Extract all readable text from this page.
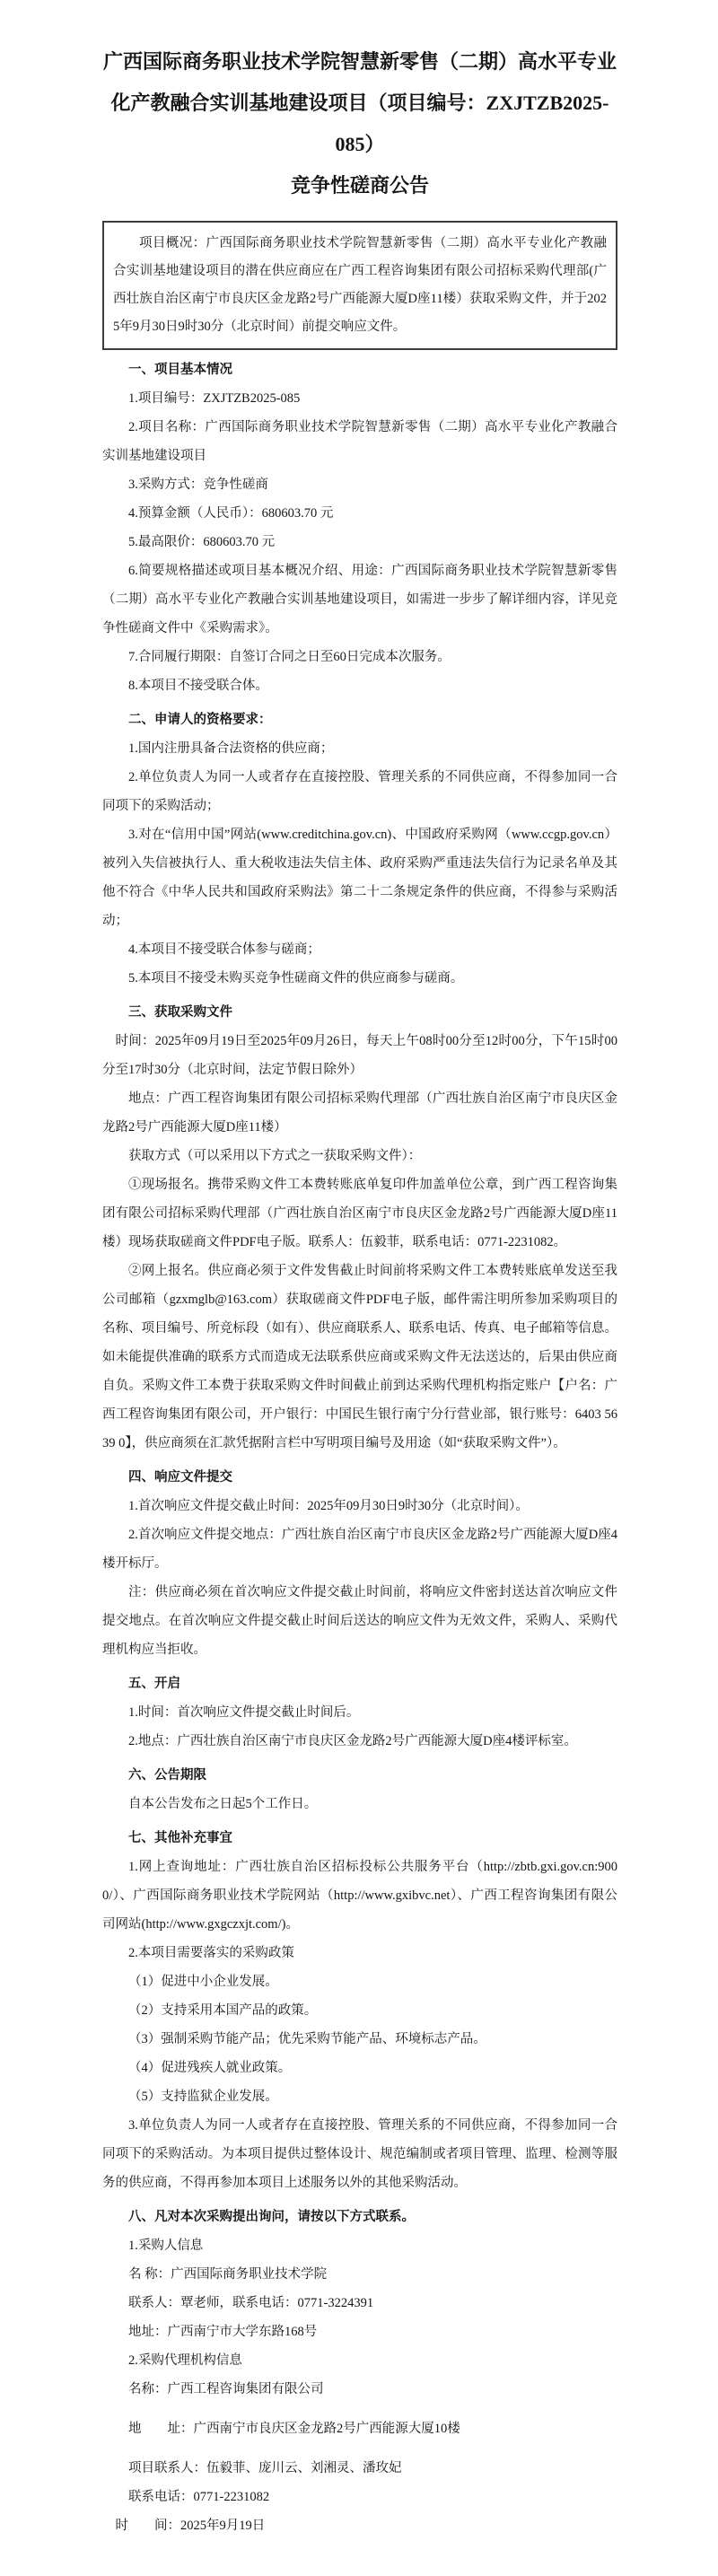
广西国际商务职业技术学院智慧新零售（二期）高水平专业
化产教融合实训基地建设项目（项目编号：ZXJTZB2025-085）
竞争性磋商公告
项目概况：广西国际商务职业技术学院智慧新零售（二期）高水平专业化产教融合实训基地建设项目的潜在供应商应在广西工程咨询集团有限公司招标采购代理部(广西壮族自治区南宁市良庆区金龙路2号广西能源大厦D座11楼）获取采购文件，并于2025年9月30日9时30分（北京时间）前提交响应文件。

一、项目基本情况

1.项目编号：ZXJTZB2025-085

2.项目名称：广西国际商务职业技术学院智慧新零售（二期）高水平专业化产教融合实训基地建设项目

3.采购方式：竞争性磋商

4.预算金额（人民币）：680603.70 元

5.最高限价：680603.70 元

6.简要规格描述或项目基本概况介绍、用途：广西国际商务职业技术学院智慧新零售（二期）高水平专业化产教融合实训基地建设项目，如需进一步步了解详细内容，详见竞争性磋商文件中《采购需求》。

7.合同履行期限：自签订合同之日至60日完成本次服务。

8.本项目不接受联合体。

二、申请人的资格要求：

1.国内注册具备合法资格的供应商；

2.单位负责人为同一人或者存在直接控股、管理关系的不同供应商，不得参加同一合同项下的采购活动；

3.对在“信用中国”网站(www.creditchina.gov.cn)、中国政府采购网（www.ccgp.gov.cn）被列入失信被执行人、重大税收违法失信主体、政府采购严重违法失信行为记录名单及其他不符合《中华人民共和国政府采购法》第二十二条规定条件的供应商，不得参与采购活动；

4.本项目不接受联合体参与磋商；

5.本项目不接受未购买竞争性磋商文件的供应商参与磋商。

三、获取采购文件

时间：2025年09月19日至2025年09月26日，每天上午08时00分至12时00分，下午15时00分至17时30分（北京时间，法定节假日除外）

地点：广西工程咨询集团有限公司招标采购代理部（广西壮族自治区南宁市良庆区金龙路2号广西能源大厦D座11楼）

获取方式（可以采用以下方式之一获取采购文件）：

①现场报名。携带采购文件工本费转账底单复印件加盖单位公章，到广西工程咨询集团有限公司招标采购代理部（广西壮族自治区南宁市良庆区金龙路2号广西能源大厦D座11楼）现场获取磋商文件PDF电子版。联系人：伍毅菲，联系电话：0771-2231082。

②网上报名。供应商必须于文件发售截止时间前将采购文件工本费转账底单发送至我公司邮箱（gzxmglb@163.com）获取磋商文件PDF电子版，邮件需注明所参加采购项目的名称、项目编号、所竞标段（如有）、供应商联系人、联系电话、传真、电子邮箱等信息。如未能提供准确的联系方式而造成无法联系供应商或采购文件无法送达的，后果由供应商自负。采购文件工本费于获取采购文件时间截止前到达采购代理机构指定账户【户名：广西工程咨询集团有限公司，开户银行：中国民生银行南宁分行营业部，银行账号：6403 5639 0】，供应商须在汇款凭据附言栏中写明项目编号及用途（如“获取采购文件”）。

四、响应文件提交

1.首次响应文件提交截止时间：2025年09月30日9时30分（北京时间）。

2.首次响应文件提交地点：广西壮族自治区南宁市良庆区金龙路2号广西能源大厦D座4楼开标厅。

注：供应商必须在首次响应文件提交截止时间前，将响应文件密封送达首次响应文件提交地点。在首次响应文件提交截止时间后送达的响应文件为无效文件，采购人、采购代理机构应当拒收。

五、开启

1.时间：首次响应文件提交截止时间后。

2.地点：广西壮族自治区南宁市良庆区金龙路2号广西能源大厦D座4楼评标室。

六、公告期限

自本公告发布之日起5个工作日。

七、其他补充事宜

1.网上查询地址：广西壮族自治区招标投标公共服务平台（http://zbtb.gxi.gov.cn:9000/）、广西国际商务职业技术学院网站（http://www.gxibvc.net）、广西工程咨询集团有限公司网站(http://www.gxgczxjt.com/)。

2.本项目需要落实的采购政策

（1）促进中小企业发展。

（2）支持采用本国产品的政策。

（3）强制采购节能产品；优先采购节能产品、环境标志产品。

（4）促进残疾人就业政策。

（5）支持监狱企业发展。

3.单位负责人为同一人或者存在直接控股、管理关系的不同供应商，不得参加同一合同项下的采购活动。为本项目提供过整体设计、规范编制或者项目管理、监理、检测等服务的供应商，不得再参加本项目上述服务以外的其他采购活动。

八、凡对本次采购提出询问，请按以下方式联系。

1.采购人信息

名 称：广西国际商务职业技术学院

联系人：覃老师，联系电话：0771-3224391

地址：广西南宁市大学东路168号

2.采购代理机构信息

名称：广西工程咨询集团有限公司

地　　址：广西南宁市良庆区金龙路2号广西能源大厦10楼

项目联系人：伍毅菲、庞川云、刘湘灵、潘玫妃

联系电话：0771-2231082

时　　间：2025年9月19日
